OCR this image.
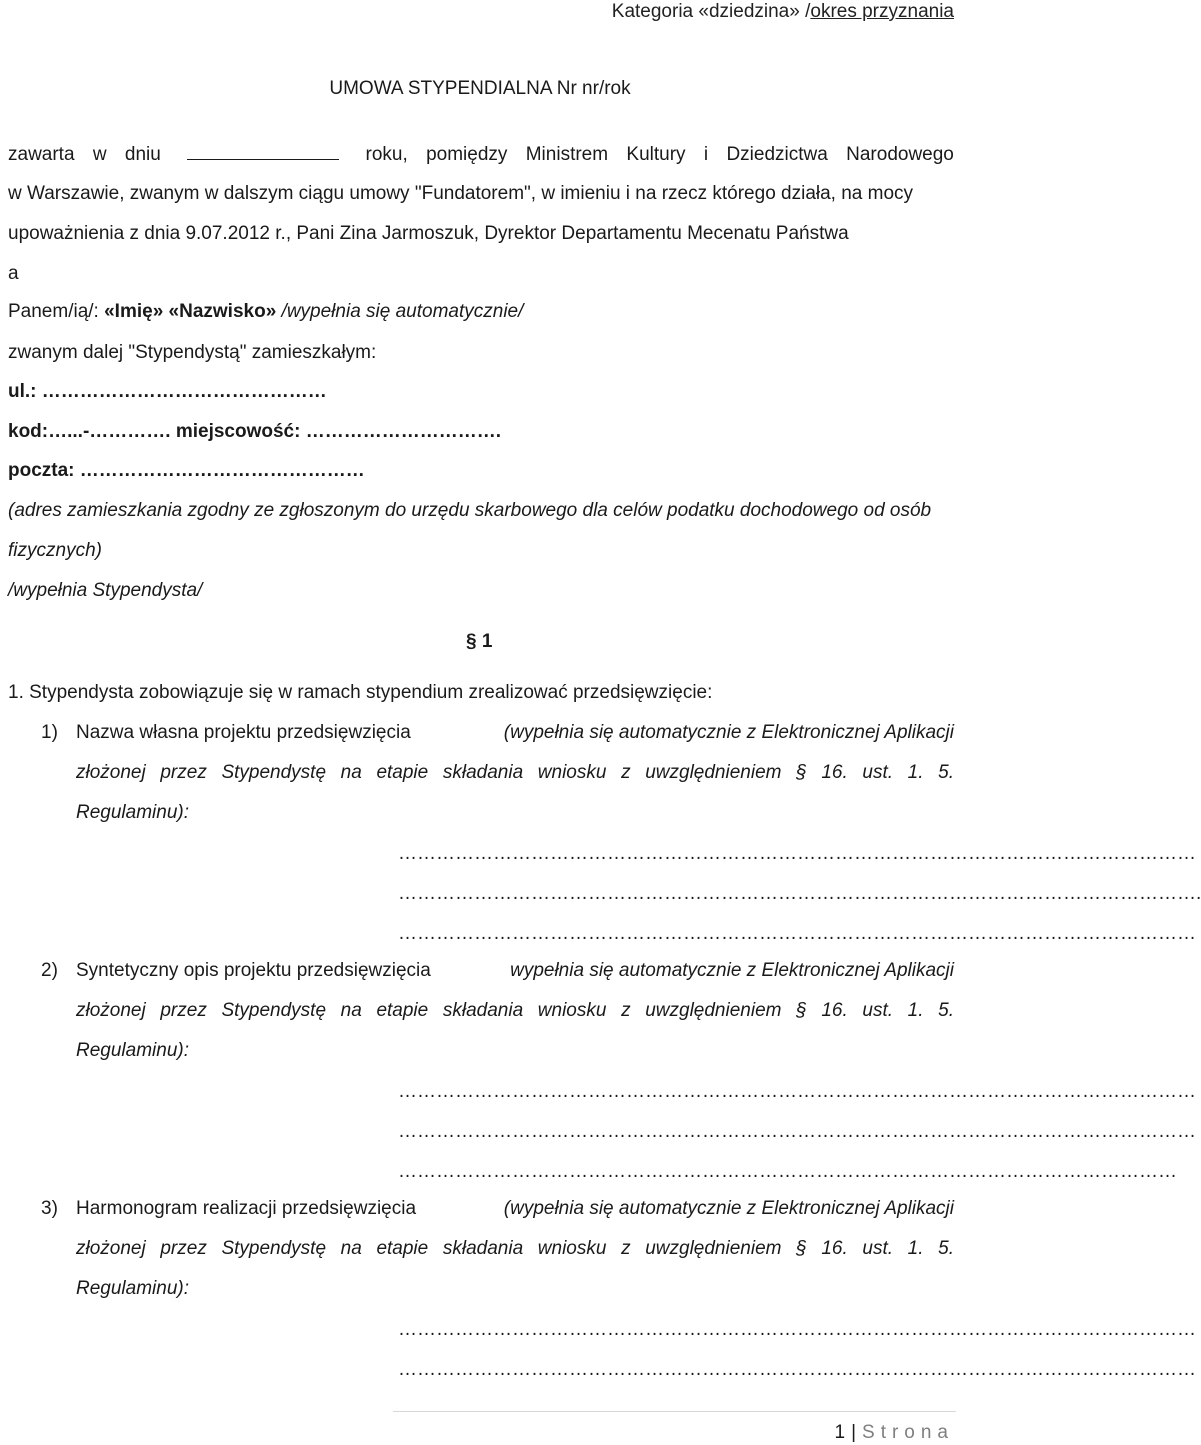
Kategoria «dziedzina» /okres przyznania
UMOWA STYPENDIALNA Nr nr/rok
zawarta w dniu	roku, pomiędzy Ministrem Kultury i Dziedzictwa Narodowego
w Warszawie, zwanym w dalszym ciągu umowy "Fundatorem", w imieniu i na rzecz którego działa, na mocy
upoważnienia z dnia 9.07.2012 r., Pani Zina Jarmoszuk, Dyrektor Departamentu Mecenatu Państwa
a
Panem/ią/: «Imię» «Nazwisko» /wypełnia się automatycznie/
zwanym dalej "Stypendystą" zamieszkałym:
ul.: ………………………………………
kod:…...-…………. miejscowość: ………………………….
poczta: ………………………………………
(adres zamieszkania zgodny ze zgłoszonym do urzędu skarbowego dla celów podatku dochodowego od osób
fizycznych)
/wypełnia Stypendysta/
§ 1
1. Stypendysta zobowiązuje się w ramach stypendium zrealizować przedsięwzięcie:
1) Nazwa własna projektu przedsięwzięcia	(wypełnia się automatycznie z Elektronicznej Aplikacji
złożonej przez Stypendystę na etapie składania wniosku z uwzględnieniem § 16. ust. 1. 5.
Regulaminu):
………………………………………………………………………………………………………………
……………………………………………………………………………………………………………….
………………………………………………………………………………………………………………
2) Syntetyczny opis projektu przedsięwzięcia	wypełnia się automatycznie z Elektronicznej Aplikacji
złożonej przez Stypendystę na etapie składania wniosku z uwzględnieniem § 16. ust. 1. 5.
Regulaminu):
………………………………………………………………………………………………………………
………………………………………………………………………………………………………………
……………………………………………………………………………………………………………
3) Harmonogram realizacji przedsięwzięcia	(wypełnia się automatycznie z Elektronicznej Aplikacji
złożonej przez Stypendystę na etapie składania wniosku z uwzględnieniem § 16. ust. 1. 5.
Regulaminu):
………………………………………………………………………………………………………………
………………………………………………………………………………………………………………
1 | Strona
